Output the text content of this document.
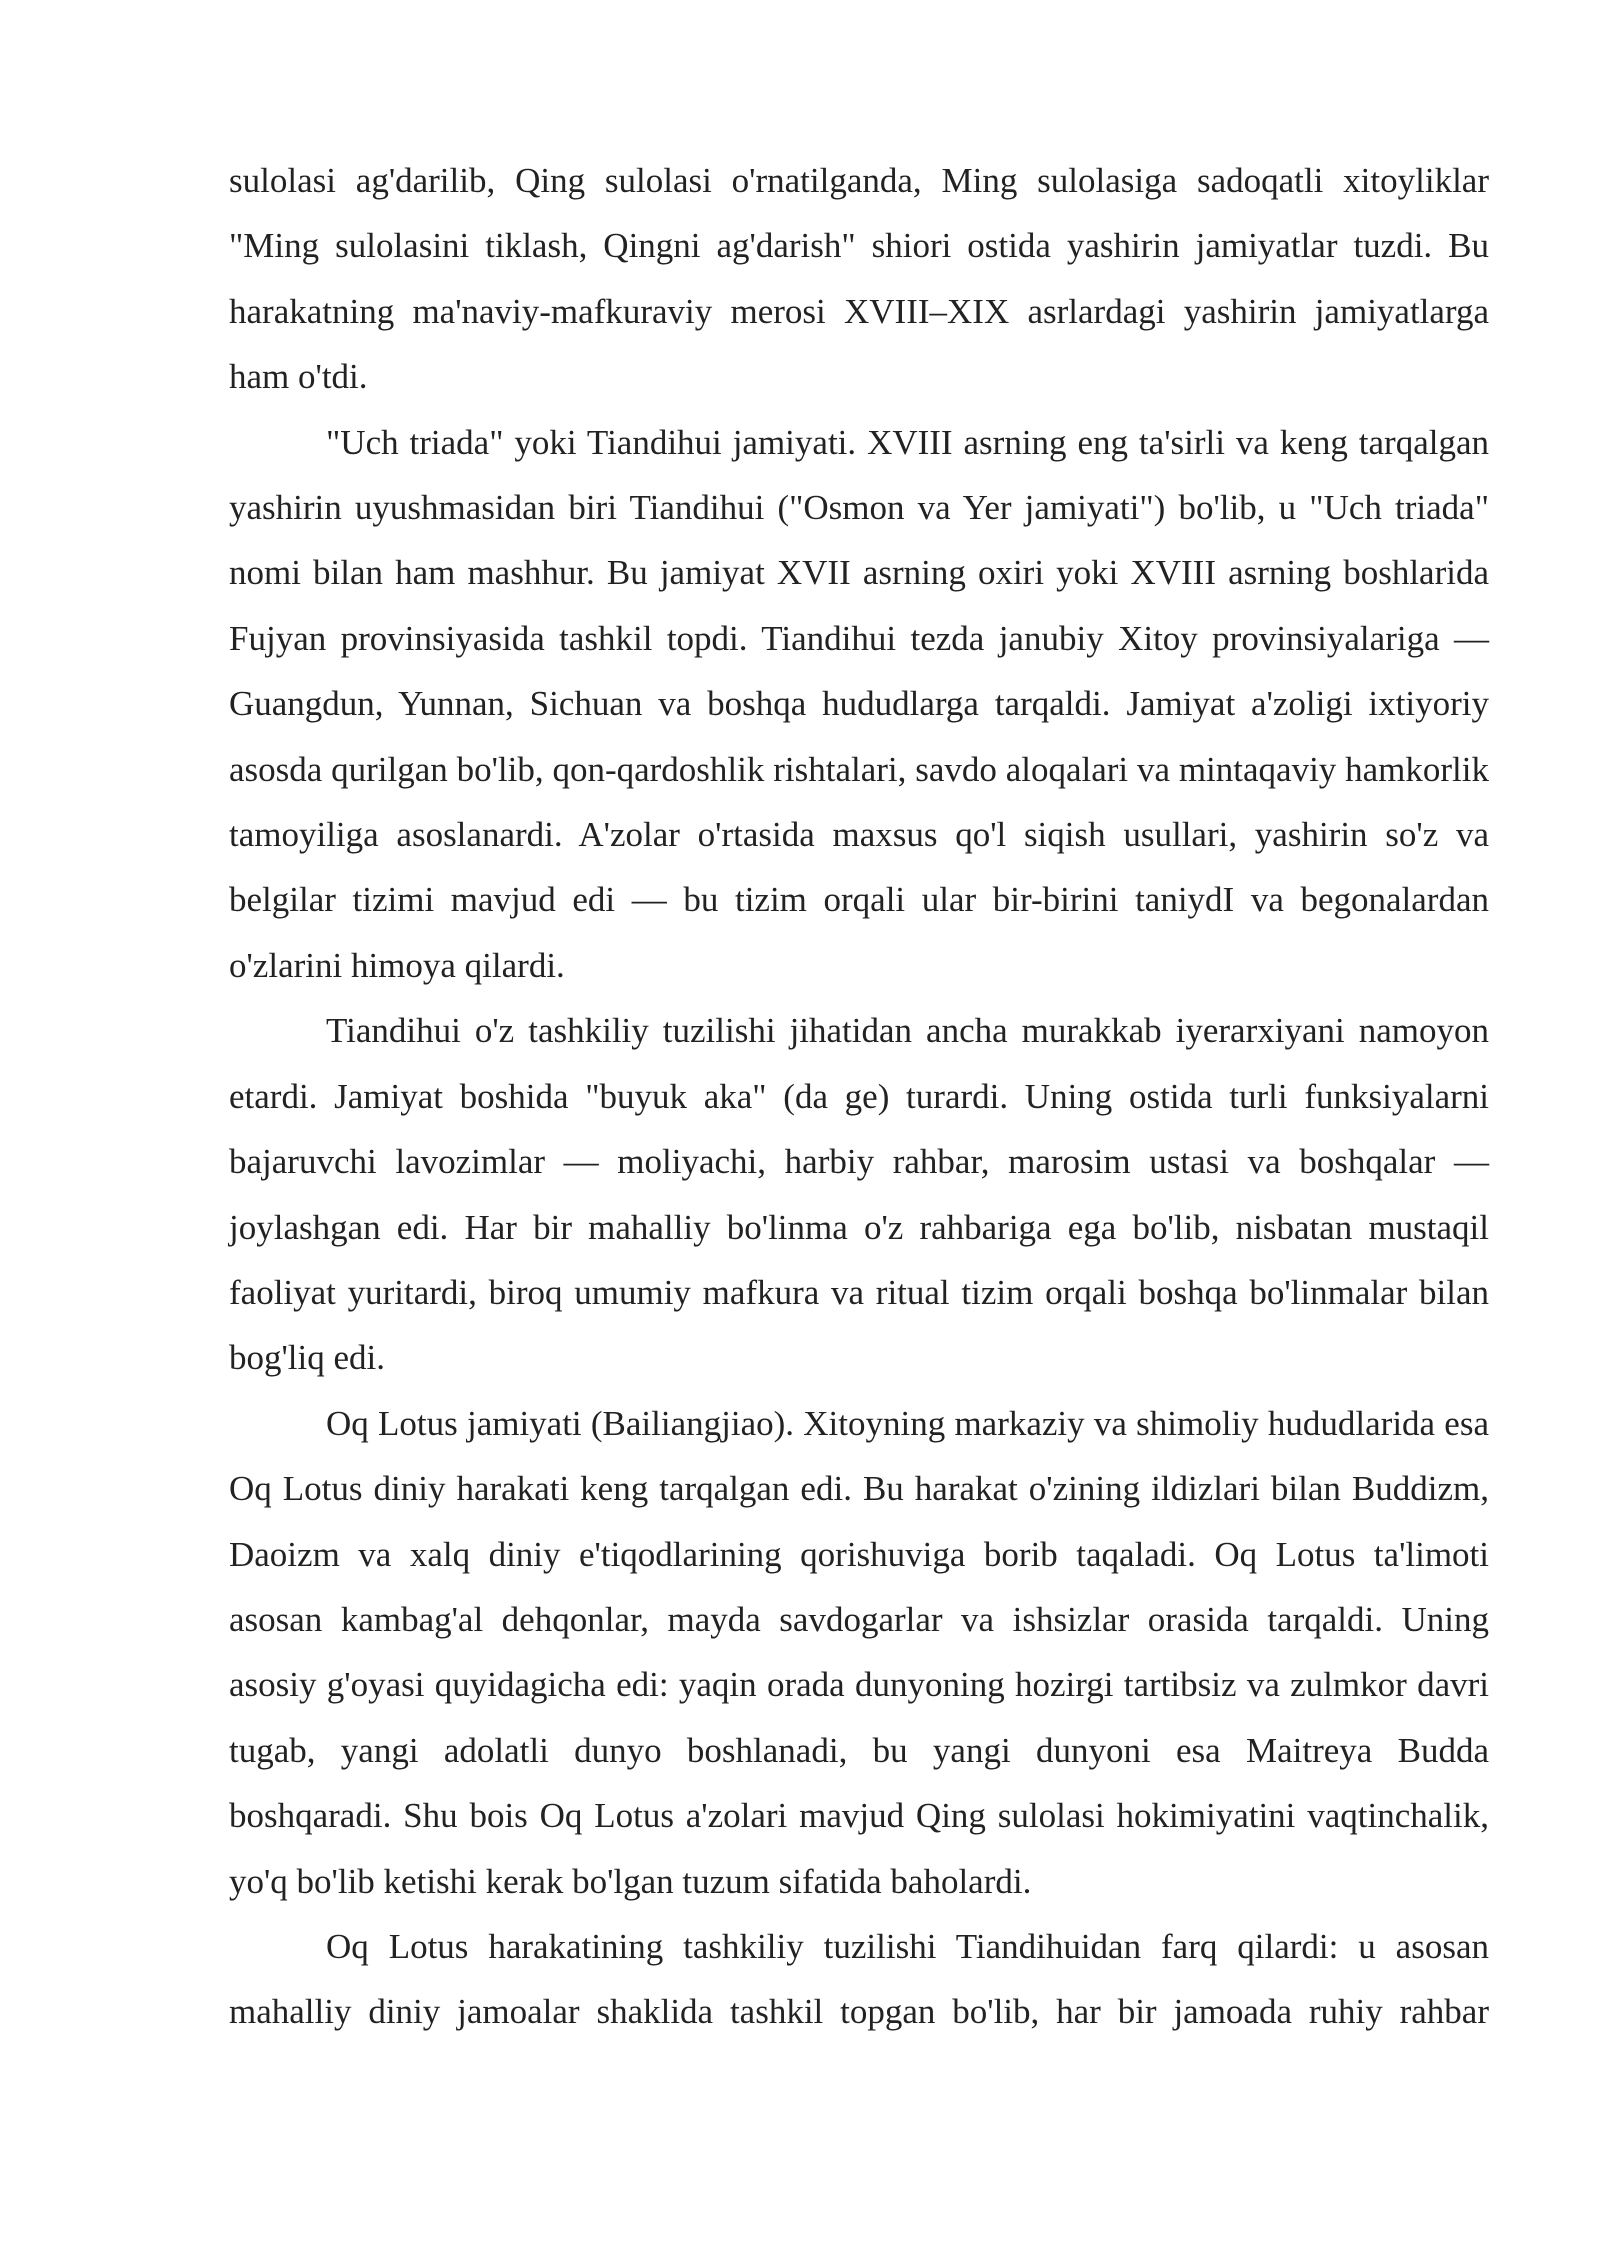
sulolasi ag'darilib, Qing sulolasi o'rnatilganda, Ming sulolasiga sadoqatli xitoyliklar "Ming sulolasini tiklash, Qingni ag'darish" shiori ostida yashirin jamiyatlar tuzdi. Bu harakatning ma'naviy-mafkuraviy merosi XVIII–XIX asrlardagi yashirin jamiyatlarga ham o'tdi.

"Uch triada" yoki Tiandihui jamiyati. XVIII asrning eng ta'sirli va keng tarqalgan yashirin uyushmasidan biri Tiandihui ("Osmon va Yer jamiyati") bo'lib, u "Uch triada" nomi bilan ham mashhur. Bu jamiyat XVII asrning oxiri yoki XVIII asrning boshlarida Fujyan provinsiyasida tashkil topdi. Tiandihui tezda janubiy Xitoy provinsiyalariga — Guangdun, Yunnan, Sichuan va boshqa hududlarga tarqaldi. Jamiyat a'zoligi ixtiyoriy asosda qurilgan bo'lib, qon-qardoshlik rishtalari, savdo aloqalari va mintaqaviy hamkorlik tamoyiliga asoslanardi. A'zolar o'rtasida maxsus qo'l siqish usullari, yashirin so'z va belgilar tizimi mavjud edi — bu tizim orqali ular bir-birini taniydI va begonalardan o'zlarini himoya qilardi.

Tiandihui o'z tashkiliy tuzilishi jihatidan ancha murakkab iyerarxiyani namoyon etardi. Jamiyat boshida "buyuk aka" (da ge) turardi. Uning ostida turli funksiyalarni bajaruvchi lavozimlar — moliyachi, harbiy rahbar, marosim ustasi va boshqalar — joylashgan edi. Har bir mahalliy bo'linma o'z rahbariga ega bo'lib, nisbatan mustaqil faoliyat yuritardi, biroq umumiy mafkura va ritual tizim orqali boshqa bo'linmalar bilan bog'liq edi.

Oq Lotus jamiyati (Bailiangjiao). Xitoyning markaziy va shimoliy hududlarida esa Oq Lotus diniy harakati keng tarqalgan edi. Bu harakat o'zining ildizlari bilan Buddizm, Daoizm va xalq diniy e'tiqodlarining qorishuviga borib taqaladi. Oq Lotus ta'limoti asosan kambag'al dehqonlar, mayda savdogarlar va ishsizlar orasida tarqaldi. Uning asosiy g'oyasi quyidagicha edi: yaqin orada dunyoning hozirgi tartibsiz va zulmkor davri tugab, yangi adolatli dunyo boshlanadi, bu yangi dunyoni esa Maitreya Budda boshqaradi. Shu bois Oq Lotus a'zolari mavjud Qing sulolasi hokimiyatini vaqtinchalik, yo'q bo'lib ketishi kerak bo'lgan tuzum sifatida baholardi.

Oq Lotus harakatining tashkiliy tuzilishi Tiandihuidan farq qilardi: u asosan mahalliy diniy jamoalar shaklida tashkil topgan bo'lib, har bir jamoada ruhiy rahbar
